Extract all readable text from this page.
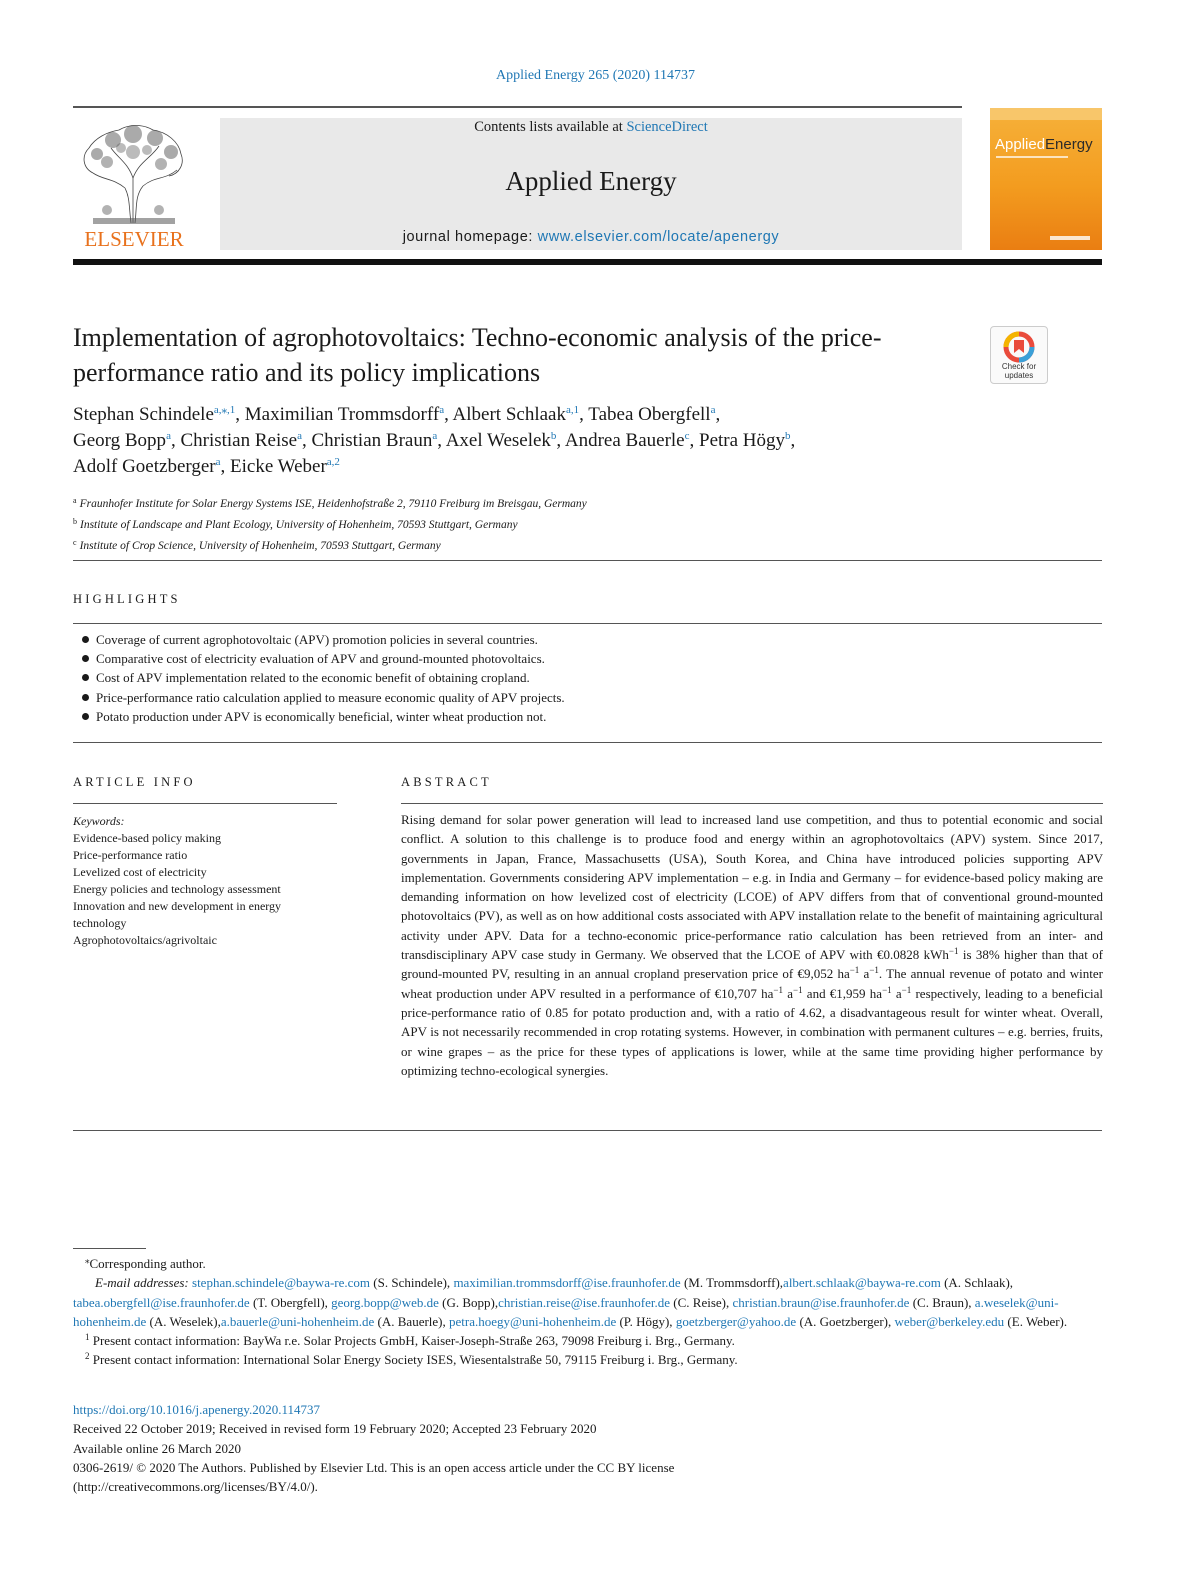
Applied Energy 265 (2020) 114737
ELSEVIER
Contents lists available at ScienceDirect
Applied Energy
journal homepage: www.elsevier.com/locate/apenergy
AppliedEnergy
Implementation of agrophotovoltaics: Techno-economic analysis of the price-performance ratio and its policy implications	Check for updates
Stephan Schindele$^{a,⁎,1}$, Maximilian Trommsdorff$^a$, Albert Schlaak$^{a,1}$, Tabea Obergfell$^a$,
Georg Bopp$^a$, Christian Reise$^a$, Christian Braun$^a$, Axel Weselek$^b$, Andrea Bauerle$^c$, Petra Högy$^b$,
Adolf Goetzberger$^a$, Eicke Weber$^{a,2}$
$^a$ Fraunhofer Institute for Solar Energy Systems ISE, Heidenhofstraße 2, 79110 Freiburg im Breisgau, Germany
$^b$ Institute of Landscape and Plant Ecology, University of Hohenheim, 70593 Stuttgart, Germany
$^c$ Institute of Crop Science, University of Hohenheim, 70593 Stuttgart, Germany
HIGHLIGHTS
Coverage of current agrophotovoltaic (APV) promotion policies in several countries.
Comparative cost of electricity evaluation of APV and ground-mounted photovoltaics.
Cost of APV implementation related to the economic benefit of obtaining cropland.
Price-performance ratio calculation applied to measure economic quality of APV projects.
Potato production under APV is economically beneficial, winter wheat production not.
ARTICLE INFO
Keywords:
Evidence-based policy making
Price-performance ratio
Levelized cost of electricity
Energy policies and technology assessment
Innovation and new development in energy technology
Agrophotovoltaics/agrivoltaic
ABSTRACT
Rising demand for solar power generation will lead to increased land use competition, and thus to potential economic and social conflict. A solution to this challenge is to produce food and energy within an agrophotovoltaics (APV) system. Since 2017, governments in Japan, France, Massachusetts (USA), South Korea, and China have introduced policies supporting APV implementation. Governments considering APV implementation – e.g. in India and Germany – for evidence-based policy making are demanding information on how levelized cost of electricity (LCOE) of APV differs from that of conventional ground-mounted photovoltaics (PV), as well as on how additional costs associated with APV installation relate to the benefit of maintaining agricultural activity under APV. Data for a techno-economic price-performance ratio calculation has been retrieved from an inter- and transdisciplinary APV case study in Germany. We observed that the LCOE of APV with €0.0828 kWh$^{-1}$ is 38% higher than that of ground-mounted PV, resulting in an annual cropland preservation price of €9,052 $ha^{-1}$ $a^{-1}$. The annual revenue of potato and winter wheat production under APV resulted in a performance of €10,707 $ha^{-1}$ $a^{-1}$ and €1,959 $ha^{-1}$ $a^{-1}$ respectively, leading to a beneficial price-performance ratio of 0.85 for potato production and, with a ratio of 4.62, a disadvantageous result for winter wheat. Overall, APV is not necessarily recommended in crop rotating systems. However, in combination with permanent cultures – e.g. berries, fruits, or wine grapes – as the price for these types of applications is lower, while at the same time providing higher performance by optimizing techno-ecological synergies.
⁎Corresponding author.
E-mail addresses: stephan.schindele@baywa-re.com (S. Schindele), maximilian.trommsdorff@ise.fraunhofer.de (M. Trommsdorff),albert.schlaak@baywa-re.com (A. Schlaak), tabea.obergfell@ise.fraunhofer.de (T. Obergfell), georg.bopp@web.de (G. Bopp),christian.reise@ise.fraunhofer.de (C. Reise), christian.braun@ise.fraunhofer.de (C. Braun), a.weselek@uni-hohenheim.de (A. Weselek),a.bauerle@uni-hohenheim.de (A. Bauerle), petra.hoegy@uni-hohenheim.de (P. Högy), goetzberger@yahoo.de (A. Goetzberger), weber@berkeley.edu (E. Weber).
$^1$ Present contact information: BayWa r.e. Solar Projects GmbH, Kaiser-Joseph-Straße 263, 79098 Freiburg i. Brg., Germany.
$^2$ Present contact information: International Solar Energy Society ISES, Wiesentalstraße 50, 79115 Freiburg i. Brg., Germany.
https://doi.org/10.1016/j.apenergy.2020.114737
Received 22 October 2019; Received in revised form 19 February 2020; Accepted 23 February 2020
Available online 26 March 2020
0306-2619/ © 2020 The Authors. Published by Elsevier Ltd. This is an open access article under the CC BY license
(http://creativecommons.org/licenses/BY/4.0/).
